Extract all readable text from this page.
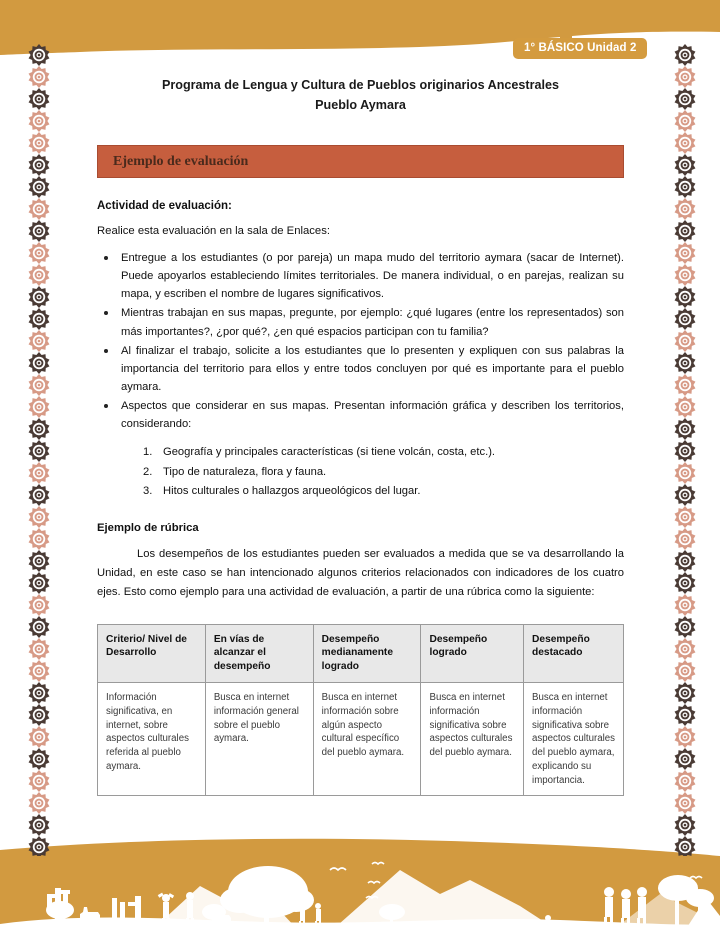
1° BÁSICO Unidad 2
Programa de Lengua y Cultura de Pueblos originarios Ancestrales
Pueblo Aymara
Ejemplo de evaluación
Actividad de evaluación:
Realice esta evaluación en la sala de Enlaces:
Entregue a los estudiantes (o por pareja) un mapa mudo del territorio aymara (sacar de Internet). Puede apoyarlos estableciendo límites territoriales. De manera individual, o en parejas, realizan su mapa, y escriben el nombre de lugares significativos.
Mientras trabajan en sus mapas, pregunte, por ejemplo: ¿qué lugares (entre los representados) son más importantes?, ¿por qué?, ¿en qué espacios participan con tu familia?
Al finalizar el trabajo, solicite a los estudiantes que lo presenten y expliquen con sus palabras la importancia del territorio para ellos y entre todos concluyen por qué es importante para el pueblo aymara.
Aspectos que considerar en sus mapas. Presentan información gráfica y describen los territorios, considerando:
Geografía y principales características (si tiene volcán, costa, etc.).
Tipo de naturaleza, flora y fauna.
Hitos culturales o hallazgos arqueológicos del lugar.
Ejemplo de rúbrica
Los desempeños de los estudiantes pueden ser evaluados a medida que se va desarrollando la Unidad, en este caso se han intencionado algunos criterios relacionados con indicadores de los cuatro ejes. Esto como ejemplo para una actividad de evaluación, a partir de una rúbrica como la siguiente:
Criterio/ Nivel de Desarrollo	En vías de alcanzar el desempeño	Desempeño medianamente logrado	Desempeño logrado	Desempeño destacado
Información significativa, en internet, sobre aspectos culturales referida al pueblo aymara.	Busca en internet información general sobre el pueblo aymara.	Busca en internet información sobre algún aspecto cultural específico del pueblo aymara.	Busca en internet información significativa sobre aspectos culturales del pueblo aymara.	Busca en internet información significativa sobre aspectos culturales del pueblo aymara, explicando su importancia.
